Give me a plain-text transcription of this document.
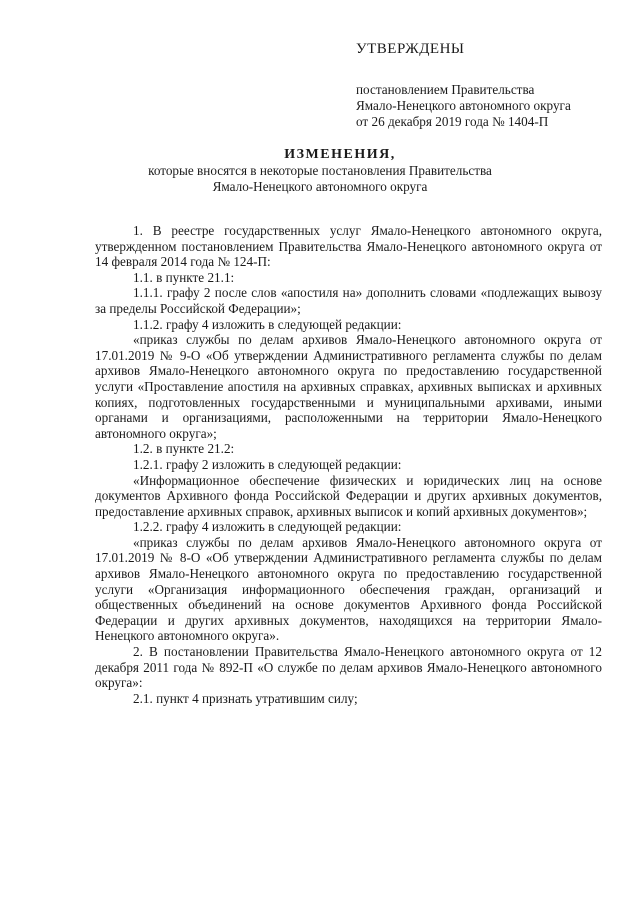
УТВЕРЖДЕНЫ
постановлением Правительства
Ямало-Ненецкого автономного округа
от 26 декабря 2019 года № 1404-П
ИЗМЕНЕНИЯ,
которые вносятся в некоторые постановления Правительства
Ямало-Ненецкого автономного округа

1. В реестре государственных услуг Ямало-Ненецкого автономного округа, утвержденном постановлением Правительства Ямало-Ненецкого автономного округа от 14 февраля 2014 года № 124-П:

1.1. в пункте 21.1:

1.1.1. графу 2 после слов «апостиля на» дополнить словами «подлежащих вывозу за пределы Российской Федерации»;

1.1.2. графу 4 изложить в следующей редакции:

«приказ службы по делам архивов Ямало-Ненецкого автономного округа от 17.01.2019 № 9-О «Об утверждении Административного регламента службы по делам архивов Ямало-Ненецкого автономного округа по предоставлению государственной услуги «Проставление апостиля на архивных справках, архивных выписках и архивных копиях, подготовленных государственными и муниципальными архивами, иными органами и организациями, расположенными на территории Ямало-Ненецкого автономного округа»;

1.2. в пункте 21.2:

1.2.1. графу 2 изложить в следующей редакции:

«Информационное обеспечение физических и юридических лиц на основе документов Архивного фонда Российской Федерации и других архивных документов, предоставление архивных справок, архивных выписок и копий архивных документов»;

1.2.2. графу 4 изложить в следующей редакции:

«приказ службы по делам архивов Ямало-Ненецкого автономного округа от 17.01.2019 № 8-О «Об утверждении Административного регламента службы по делам архивов Ямало-Ненецкого автономного округа по предоставлению государственной услуги «Организация информационного обеспечения граждан, организаций и общественных объединений на основе документов Архивного фонда Российской Федерации и других архивных документов, находящихся на территории Ямало-Ненецкого автономного округа».

2. В постановлении Правительства Ямало-Ненецкого автономного округа от 12 декабря 2011 года № 892-П «О службе по делам архивов Ямало-Ненецкого автономного округа»:

2.1. пункт 4 признать утратившим силу;
